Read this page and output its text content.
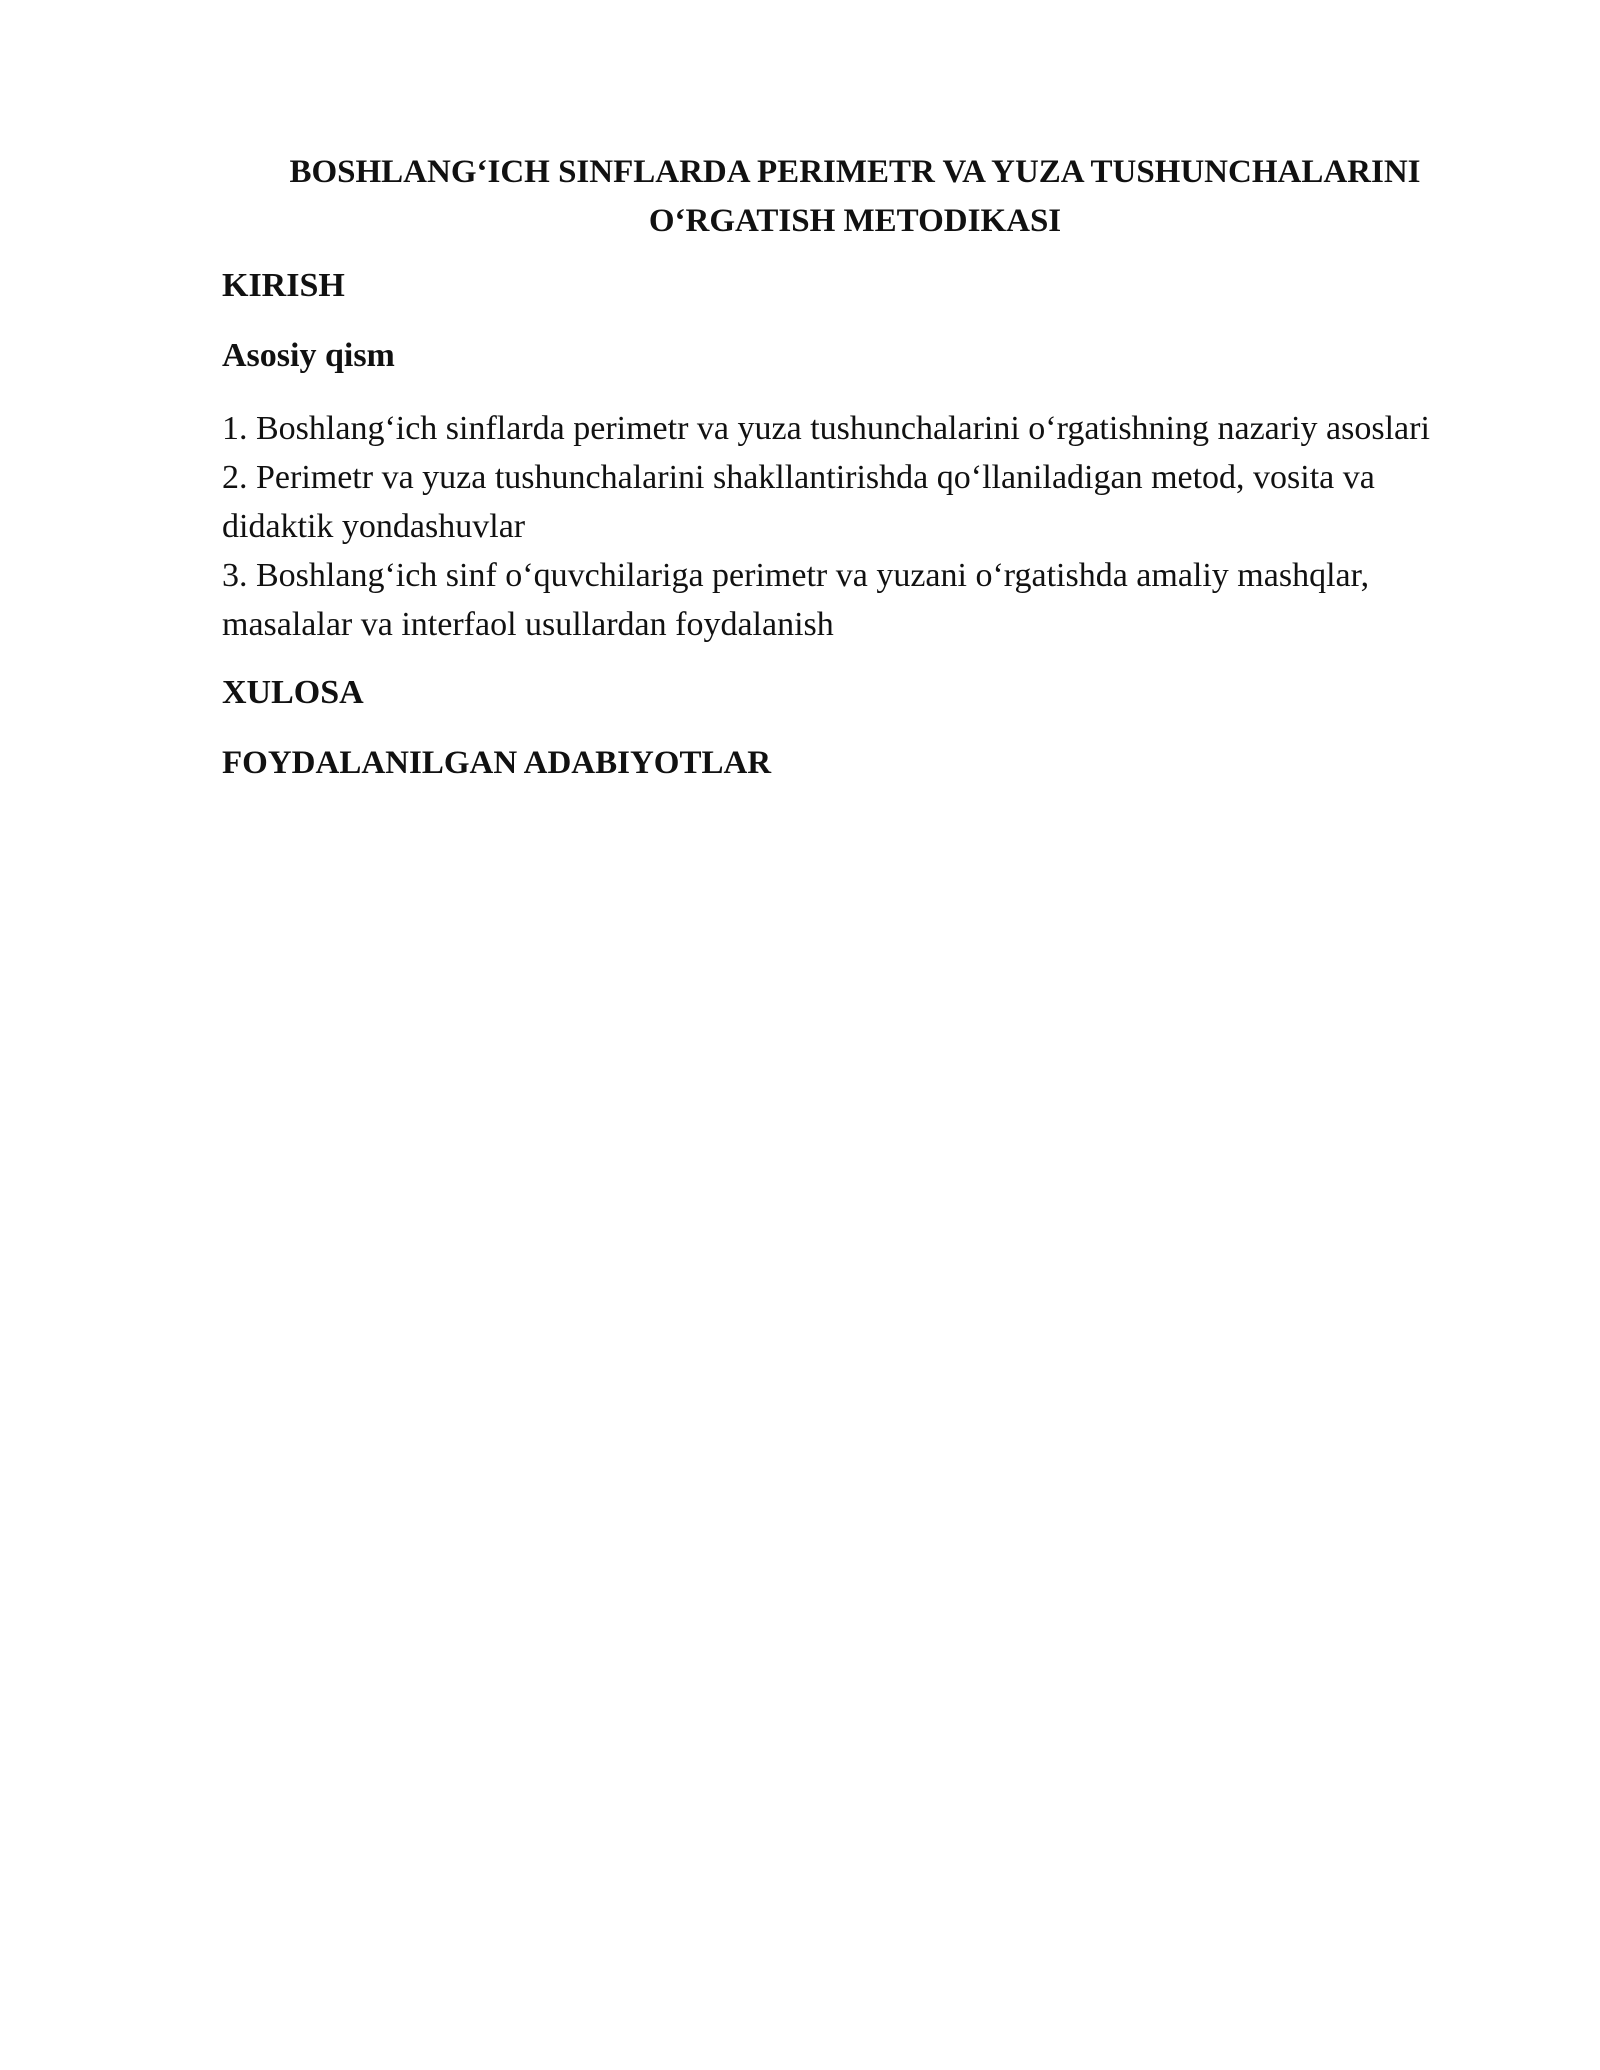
BOSHLANG‘ICH SINFLARDA PERIMETR VA YUZA TUSHUNCHALARINI
O‘RGATISH METODIKASI
KIRISH
Asosiy qism
1. Boshlang‘ich sinflarda perimetr va yuza tushunchalarini o‘rgatishning nazariy asoslari
2. Perimetr va yuza tushunchalarini shakllantirishda qo‘llaniladigan metod, vosita va didaktik yondashuvlar
3. Boshlang‘ich sinf o‘quvchilariga perimetr va yuzani o‘rgatishda amaliy mashqlar, masalalar va interfaol usullardan foydalanish
XULOSA
FOYDALANILGAN ADABIYOTLAR
